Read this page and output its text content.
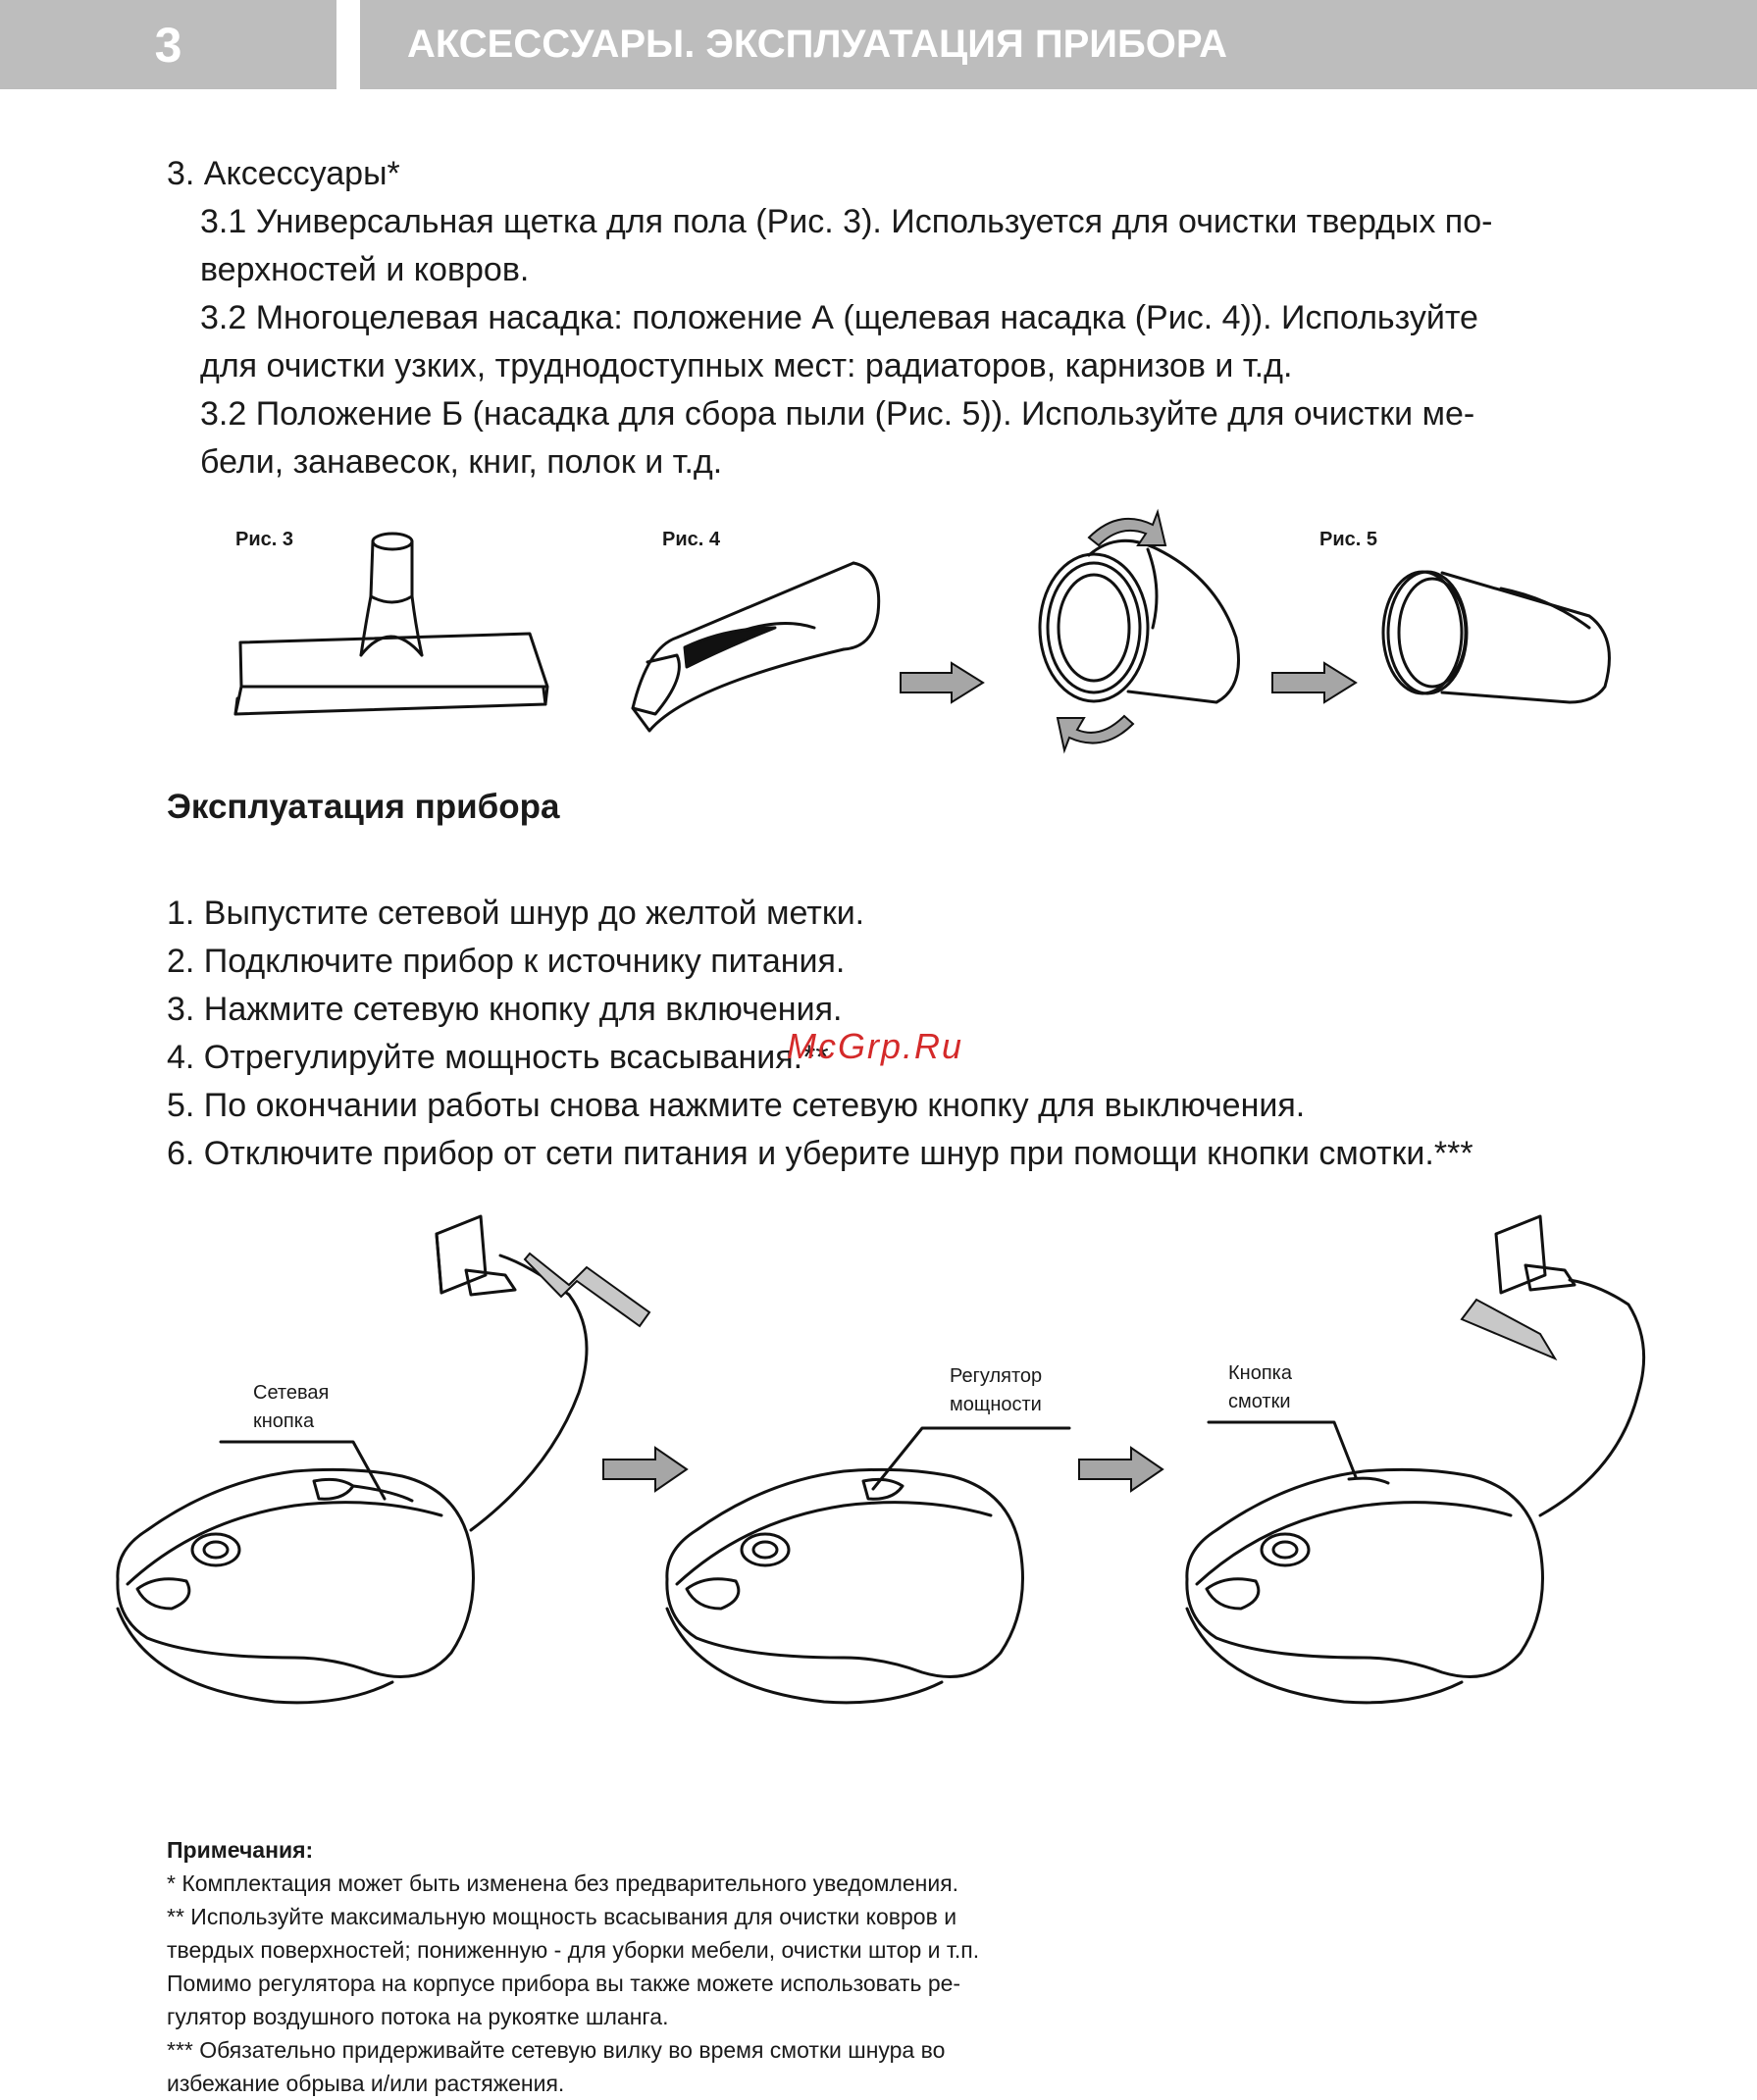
3	АКСЕССУАРЫ. ЭКСПЛУАТАЦИЯ ПРИБОРА
3. Аксессуары*
3.1 Универсальная щетка для пола (Рис. 3). Используется для очистки твердых по-
верхностей и ковров.
3.2 Многоцелевая насадка: положение А (щелевая насадка (Рис. 4)). Используйте
для очистки узких, труднодоступных мест: радиаторов, карнизов и т.д.
3.2 Положение Б (насадка для сбора пыли (Рис. 5)). Используйте для очистки ме-
бели, занавесок, книг, полок и т.д.
Рис. 3	Рис. 4	Рис. 5
Эксплуатация прибора
1. Выпустите сетевой шнур до желтой метки.
2. Подключите прибор к источнику питания.
3. Нажмите сетевую кнопку для включения.
4. Отрегулируйте мощность всасывания.**
5. По окончании работы снова нажмите сетевую кнопку для выключения.
6. Отключите прибор от сети питания и уберите шнур при помощи кнопки смотки.***
McGrp.Ru
Сетевая
кнопка
Регулятор
мощности
Кнопка
смотки
Примечания:
* Комплектация может быть изменена без предварительного уведомления.
** Используйте максимальную мощность всасывания для очистки ковров и
твердых поверхностей; пониженную - для уборки мебели, очистки штор и т.п.
Помимо регулятора на корпусе прибора вы также можете использовать ре-
гулятор воздушного потока на рукоятке шланга.
*** Обязательно придерживайте сетевую вилку во время смотки шнура во
избежание обрыва и/или растяжения.
